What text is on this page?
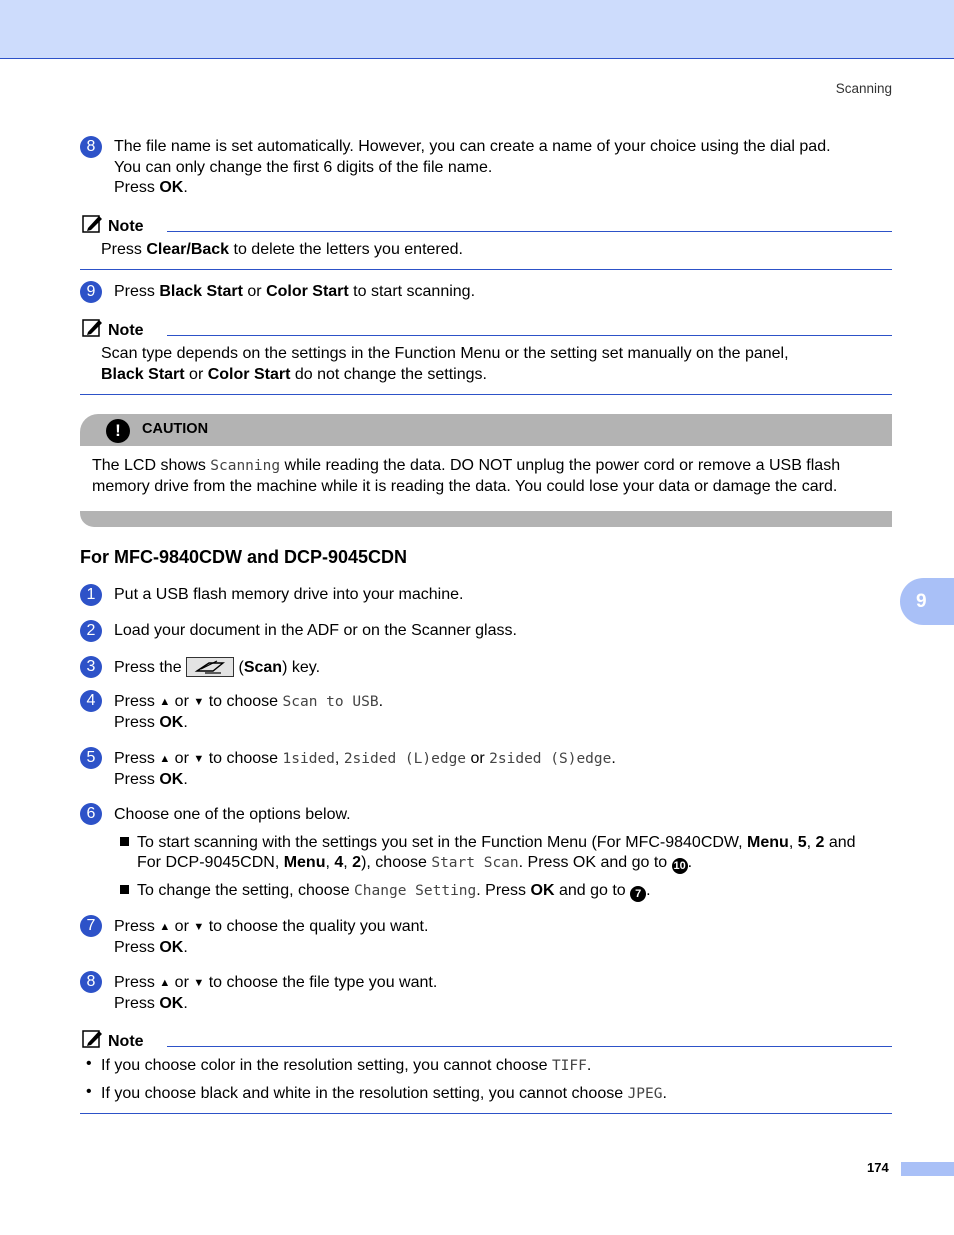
Scanning
8	The file name is set automatically. However, you can create a name of your choice using the dial pad.
You can only change the first 6 digits of the file name.
Press OK.
Note
Press Clear/Back to delete the letters you entered.
9	Press Black Start or Color Start to start scanning.
Note
Scan type depends on the settings in the Function Menu or the setting set manually on the panel,
Black Start or Color Start do not change the settings.
!	CAUTION
The LCD shows Scanning while reading the data. DO NOT unplug the power cord or remove a USB flash
memory drive from the machine while it is reading the data. You could lose your data or damage the card.
For MFC-9840CDW and DCP-9045CDN
9
1	Put a USB flash memory drive into your machine.
2	Load your document in the ADF or on the Scanner glass.
3	Press the	(Scan) key.
4	Press ▲ or ▼ to choose Scan to USB.
Press OK.
5	Press ▲ or ▼ to choose 1sided, 2sided (L)edge or 2sided (S)edge.
Press OK.
6	Choose one of the options below.
To start scanning with the settings you set in the Function Menu (For MFC-9840CDW, Menu, 5, 2 and
For DCP-9045CDN, Menu, 4, 2), choose Start Scan. Press OK and go to 10 .
To change the setting, choose Change Setting. Press OK and go to 7 .
7	Press ▲ or ▼ to choose the quality you want.
Press OK.
8	Press ▲ or ▼ to choose the file type you want.
Press OK.
Note
• If you choose color in the resolution setting, you cannot choose TIFF.
• If you choose black and white in the resolution setting, you cannot choose JPEG.
174
